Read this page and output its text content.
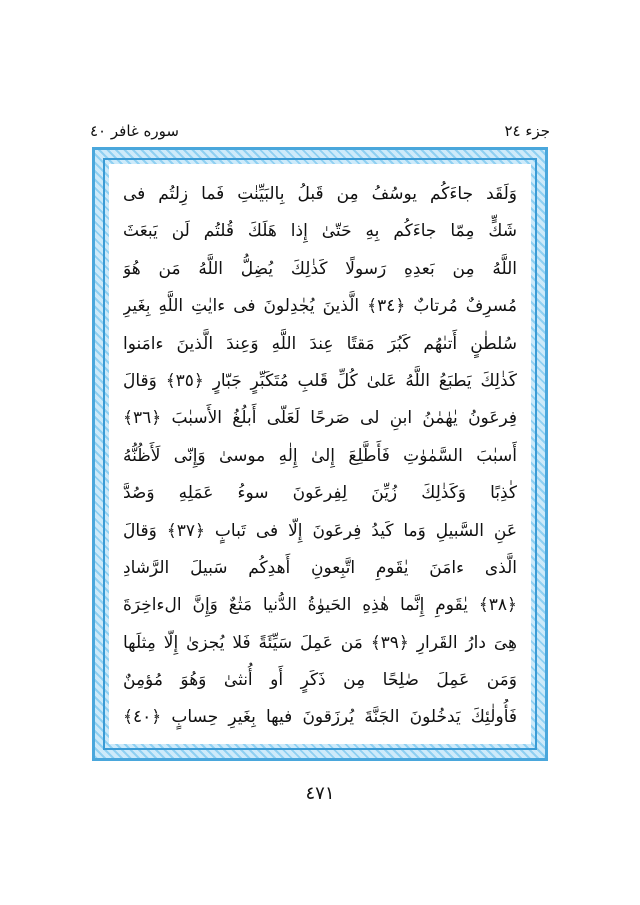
جزء ٢٤
سوره غافر ٤٠
وَلَقَد جاءَكُم يوسُفُ مِن قَبلُ بِالبَيِّنٰتِ فَما زِلتُم فى
شَكٍّ مِمّا جاءَكُم بِهِ حَتّىٰ إِذا هَلَكَ قُلتُم لَن يَبعَثَ
اللَّهُ مِن بَعدِهِ رَسولًا كَذٰلِكَ يُضِلُّ اللَّهُ مَن هُوَ
مُسرِفٌ مُرتابٌ ﴿٣٤﴾ الَّذينَ يُجٰدِلونَ فى ءايٰتِ اللَّهِ بِغَيرِ
سُلطٰنٍ أَتىٰهُم كَبُرَ مَقتًا عِندَ اللَّهِ وَعِندَ الَّذينَ ءامَنوا
كَذٰلِكَ يَطبَعُ اللَّهُ عَلىٰ كُلِّ قَلبِ مُتَكَبِّرٍ جَبّارٍ ﴿٣٥﴾ وَقالَ
فِرعَونُ يٰهٰمٰنُ ابنِ لى صَرحًا لَعَلّى أَبلُغُ الأَسبٰبَ ﴿٣٦﴾
أَسبٰبَ السَّمٰوٰتِ فَأَطَّلِعَ إِلىٰ إِلٰهِ موسىٰ وَإِنّى لَأَظُنُّهُ
كٰذِبًا وَكَذٰلِكَ زُيِّنَ لِفِرعَونَ سوءُ عَمَلِهِ وَصُدَّ
عَنِ السَّبيلِ وَما كَيدُ فِرعَونَ إِلّا فى تَبابٍ ﴿٣٧﴾ وَقالَ
الَّذى ءامَنَ يٰقَومِ اتَّبِعونِ أَهدِكُم سَبيلَ الرَّشادِ
﴿٣٨﴾ يٰقَومِ إِنَّما هٰذِهِ الحَيوٰةُ الدُّنيا مَتٰعٌ وَإِنَّ الءاخِرَةَ
هِىَ دارُ القَرارِ ﴿٣٩﴾ مَن عَمِلَ سَيِّئَةً فَلا يُجزىٰ إِلّا مِثلَها
وَمَن عَمِلَ صٰلِحًا مِن ذَكَرٍ أَو أُنثىٰ وَهُوَ مُؤمِنٌ
فَأُولٰئِكَ يَدخُلونَ الجَنَّةَ يُرزَقونَ فيها بِغَيرِ حِسابٍ ﴿٤٠﴾
٤٧١
